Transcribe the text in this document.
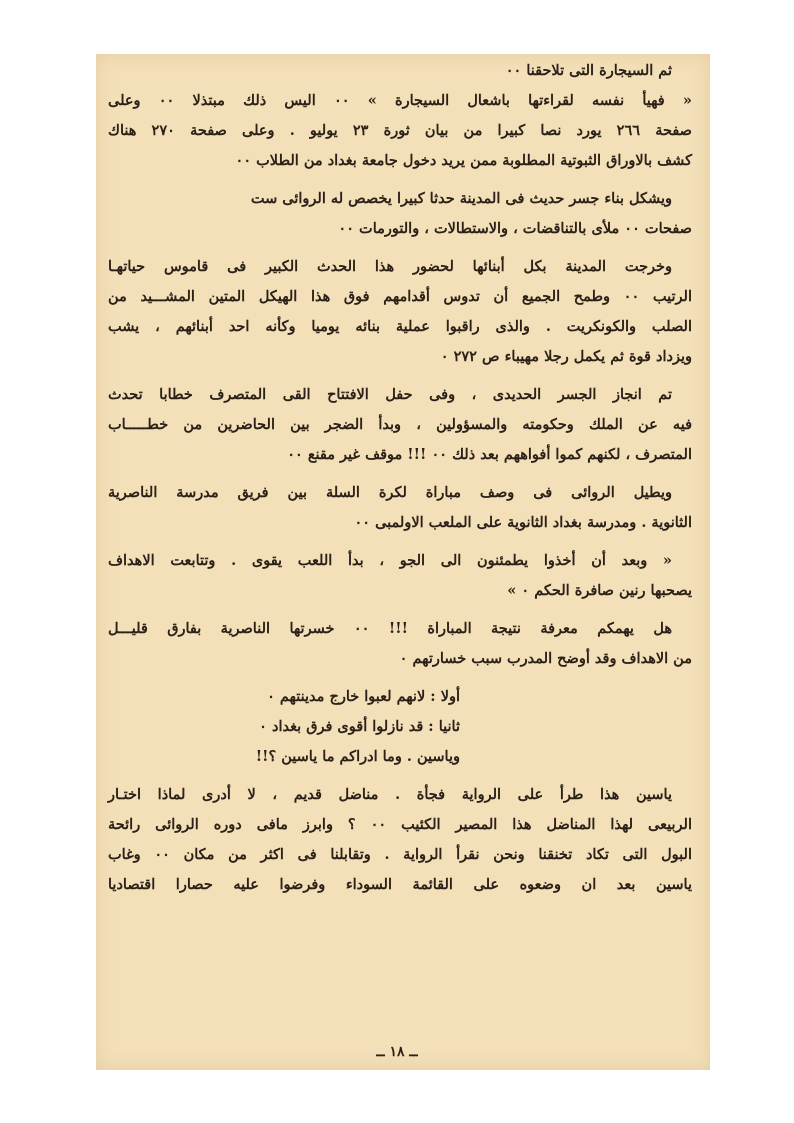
ثم السيجارة التى تلاحقنا ٠٠
« فهيأ نفسه لقراءتها باشعال السيجارة » ٠٠ اليس ذلك مبتذلا ٠٠ وعلى
صفحة ٢٦٦ يورد نصا كبيرا من بيان ثورة ٢٣ يوليو . وعلى صفحة ٢٧٠ هناك
كشف بالاوراق الثبوتية المطلوبة ممن يريد دخول جامعة بغداد من الطلاب ٠٠
ويشكل بناء جسر حديث فى المدينة حدثا كبيرا يخصص له الروائى ست
صفحات ٠٠ ملأى بالتناقضات ، والاستطالات ، والتورمات ٠٠
وخرجت المدينة بكل أبنائها لحضور هذا الحدث الكبير فى قاموس حياتهـا
الرتيب ٠٠ وطمح الجميع أن تدوس أقدامهم فوق هذا الهيكل المتين المشـــيد من
الصلب والكونكريت . والذى راقبوا عملية بنائه يوميا وكأنه احد أبنائهم ، يشب
ويزداد قوة ثم يكمل رجلا مهيباء ص ٢٧٢ ٠
تم انجاز الجسر الحديدى ، وفى حفل الافتتاح القى المتصرف خطابا تحدث
فيه عن الملك وحكومته والمسؤولين ، وبدأ الضجر بين الحاضرين من خطـــــاب
المتصرف ، لكنهم كموا أفواههم بعد ذلك ٠٠ !!! موقف غير مقنع ٠٠
ويطيل الروائى فى وصف مباراة لكرة السلة بين فريق مدرسة الناصرية
الثانوية . ومدرسة بغداد الثانوية على الملعب الاولمبى ٠٠
« وبعد أن أخذوا يطمئنون الى الجو ، بدأ اللعب يقوى . وتتابعت الاهداف
يصحبها رنين صافرة الحكم ٠ »
هل يهمكم معرفة نتيجة المباراة !!! ٠٠ خسرتها الناصرية بفارق قليـــل
من الاهداف وقد أوضح المدرب سبب خسارتهم ٠
أولا : لانهم لعبوا خارج مدينتهم ٠
ثانيا : قد نازلوا أقوى فرق بغداد ٠
وياسين . وما ادراكم ما ياسين ؟!!
ياسين هذا طرأ على الرواية فجأة . مناضل قديم ، لا أدرى لماذا اختـار
الربيعى لهذا المناضل هذا المصير الكئيب ٠٠ ؟ وابرز مافى دوره الروائى رائحة
البول التى تكاد تخنقنا ونحن نقرأ الرواية . وتقابلنا فى اكثر من مكان ٠٠ وغاب
ياسين بعد ان وضعوه على القائمة السوداء وفرضوا عليه حصارا اقتصاديا
ــ ١٨ ــ
